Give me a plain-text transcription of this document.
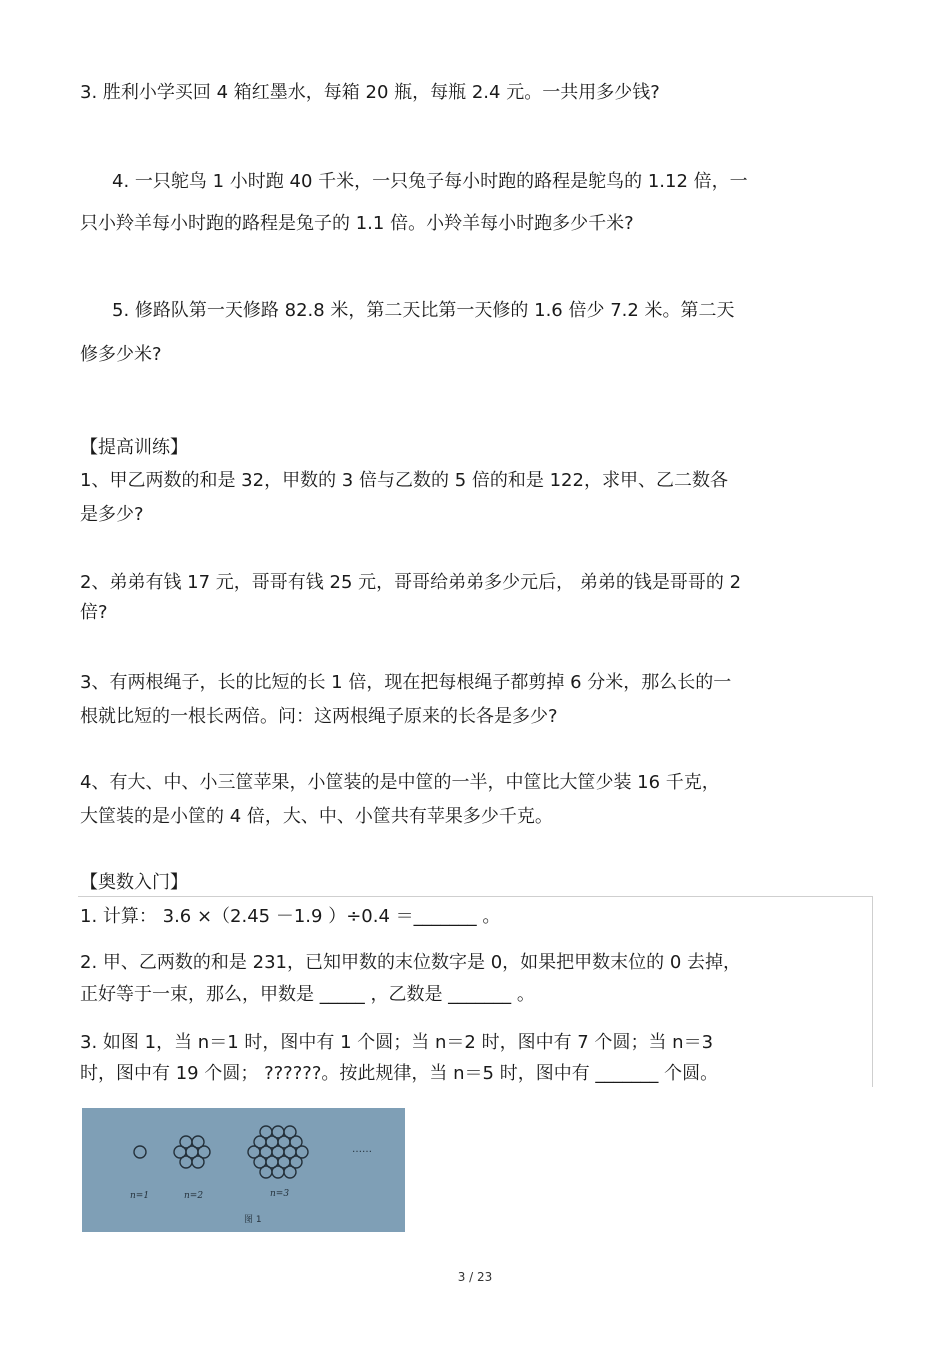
3. 胜利小学买回 4 箱红墨水，每箱 20 瓶，每瓶 2.4 元。一共用多少钱?

4. 一只鸵鸟 1 小时跑 40 千米，一只兔子每小时跑的路程是鸵鸟的 1.12 倍，一

只小羚羊每小时跑的路程是兔子的 1.1 倍。小羚羊每小时跑多少千米?

5. 修路队第一天修路 82.8 米，第二天比第一天修的 1.6 倍少 7.2 米。第二天

修多少米?

【提高训练】

1、甲乙两数的和是 32，甲数的 3 倍与乙数的 5 倍的和是 122，求甲、乙二数各

是多少?

2、弟弟有钱 17 元，哥哥有钱 25 元，哥哥给弟弟多少元后， 弟弟的钱是哥哥的 2

倍?

3、有两根绳子，长的比短的长 1 倍，现在把每根绳子都剪掉 6 分米，那么长的一

根就比短的一根长两倍。问：这两根绳子原来的长各是多少?

4、有大、中、小三筐苹果，小筐装的是中筐的一半，中筐比大筐少装 16 千克，

大筐装的是小筐的 4 倍，大、中、小筐共有苹果多少千克。

【奥数入门】

1. 计算： 3.6 ×（2.45 －1.9 ）÷0.4 ＝_______ 。

2. 甲、乙两数的和是 231，已知甲数的末位数字是 0，如果把甲数末位的 0 去掉，

正好等于一束，那么，甲数是 _____ ，乙数是 _______ 。

3. 如图 1，当 n＝1 时，图中有 1 个圆；当 n＝2 时，图中有 7 个圆；当 n＝3

时，图中有 19 个圆； ??????。按此规律，当 n＝5 时，图中有 _______ 个圆。

……
n=1	n=2	n=3
图 1
3 / 23
